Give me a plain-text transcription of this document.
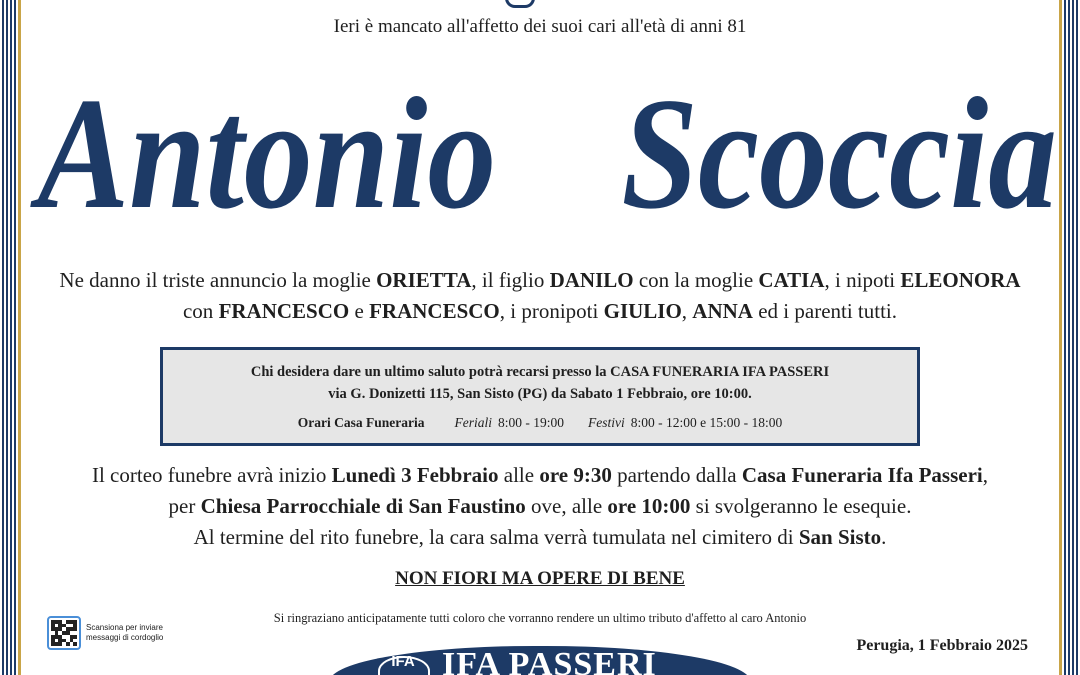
Ieri è mancato all'affetto dei suoi cari all'età di anni 81
Antonio Scoccia
Ne danno il triste annuncio la moglie ORIETTA, il figlio DANILO con la moglie CATIA, i nipoti ELEONORA
con FRANCESCO e FRANCESCO, i pronipoti GIULIO, ANNA ed i parenti tutti.
Chi desidera dare un ultimo saluto potrà recarsi presso la CASA FUNERARIA IFA PASSERI
via G. Donizetti 115, San Sisto (PG) da Sabato 1 Febbraio, ore 10:00.
Orari Casa Funeraria Feriali 8:00 - 19:00 Festivi 8:00 - 12:00 e 15:00 - 18:00
Il corteo funebre avrà inizio Lunedì 3 Febbraio alle ore 9:30 partendo dalla Casa Funeraria Ifa Passeri,
per Chiesa Parrocchiale di San Faustino ove, alle ore 10:00 si svolgeranno le esequie.
Al termine del rito funebre, la cara salma verrà tumulata nel cimitero di San Sisto.
NON FIORI MA OPERE DI BENE
Si ringraziano anticipatamente tutti coloro che vorranno rendere un ultimo tributo d'affetto al caro Antonio
Scansiona per inviare
messaggi di cordoglio	Perugia, 1 Febbraio 2025
IFA IFA PASSERI
